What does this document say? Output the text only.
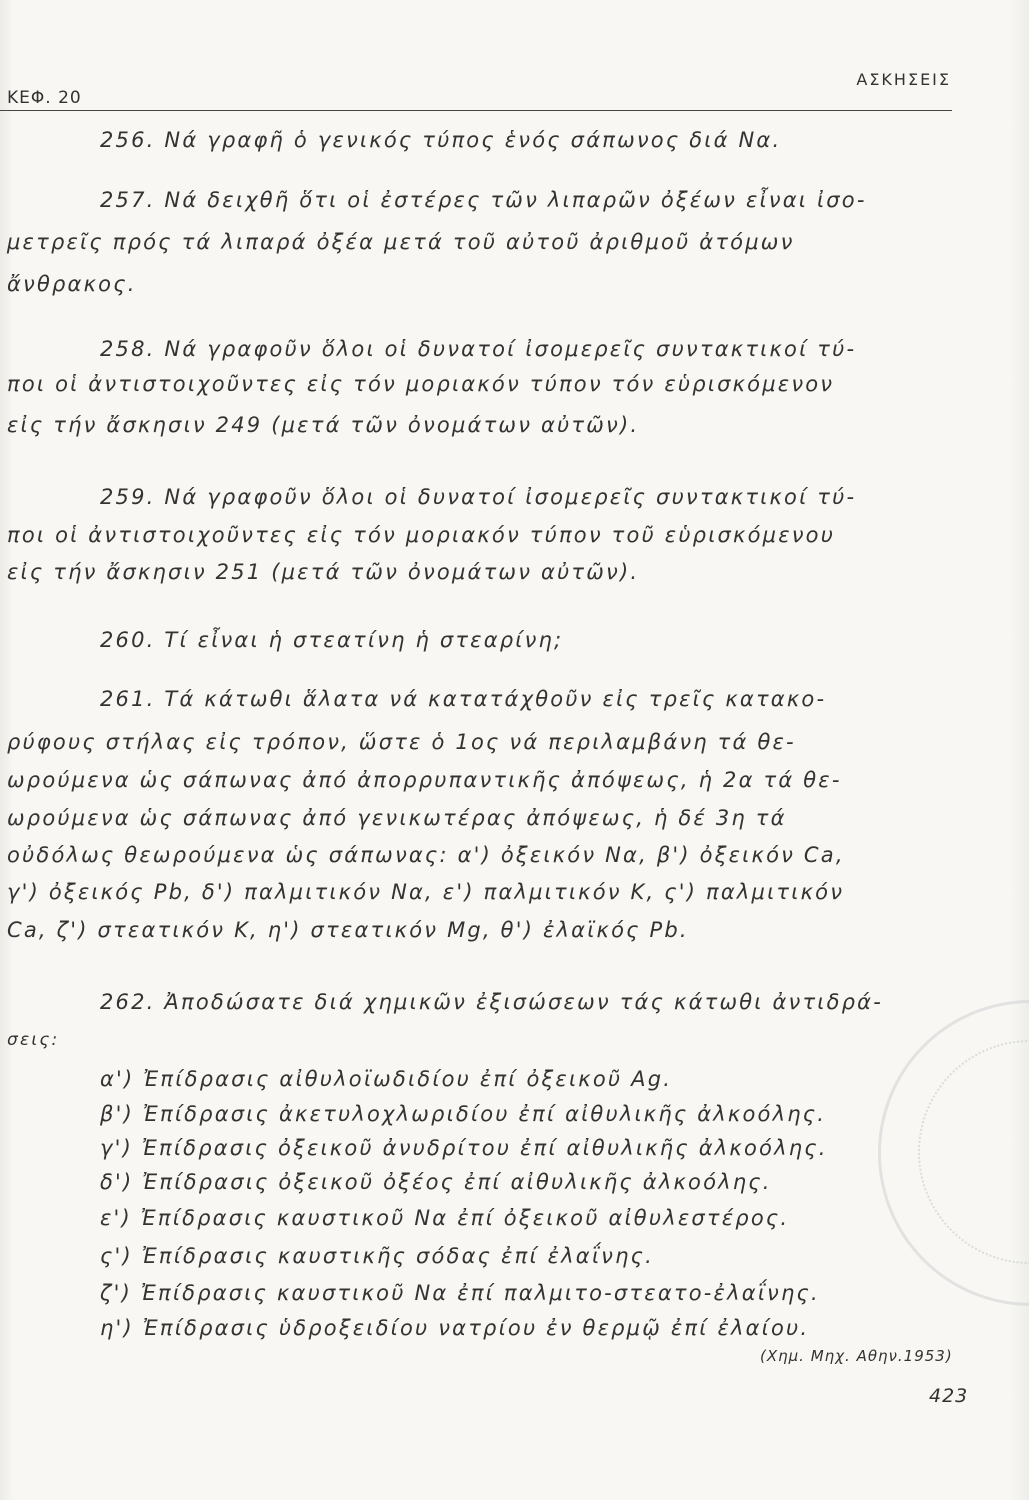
ΚΕΦ. 20
ΑΣΚΗΣΕΙΣ
256. Νά γραφῆ ὁ γενικός τύπος ἑνός σάπωνος διά Να.
257. Νά δειχθῆ ὅτι οἱ ἐστέρες τῶν λιπαρῶν ὀξέων εἶναι ἰσο-
μετρεῖς πρός τά λιπαρά ὀξέα μετά τοῦ αὐτοῦ ἀριθμοῦ ἀτόμων
ἄνθρακος.
258. Νά γραφοῦν ὅλοι οἱ δυνατοί ἰσομερεῖς συντακτικοί τύ-
ποι οἱ ἀντιστοιχοῦντες εἰς τόν μοριακόν τύπον τόν εὑρισκόμενον
εἰς τήν ἄσκησιν 249 (μετά τῶν ὀνομάτων αὐτῶν).
259. Νά γραφοῦν ὅλοι οἱ δυνατοί ἰσομερεῖς συντακτικοί τύ-
ποι οἱ ἀντιστοιχοῦντες εἰς τόν μοριακόν τύπον τοῦ εὑρισκόμενου
εἰς τήν ἄσκησιν 251 (μετά τῶν ὀνομάτων αὐτῶν).
260. Τί εἶναι ἡ στεατίνη ἡ στεαρίνη;
261. Τά κάτωθι ἅλατα νά κατατάχθοῦν εἰς τρεῖς κατακο-
ρύφους στήλας εἰς τρόπον, ὥστε ὁ 1ος νά περιλαμβάνη τά θε-
ωρούμενα ὡς σάπωνας ἀπό ἀπορρυπαντικῆς ἀπόψεως, ἡ 2α τά θε-
ωρούμενα ὡς σάπωνας ἀπό γενικωτέρας ἀπόψεως, ἡ δέ 3η τά
οὐδόλως θεωρούμενα ὡς σάπωνας: α') ὀξεικόν Να, β') ὀξεικόν Ca,
γ') ὀξεικός Pb, δ') παλμιτικόν Να, ε') παλμιτικόν Κ, ς') παλμιτικόν
Ca, ζ') στεατικόν Κ, η') στεατικόν Mg, θ') ἐλαϊκός Pb.
262. Ἀποδώσατε διά χημικῶν ἐξισώσεων τάς κάτωθι ἀντιδρά-
σεις:
α') Ἐπίδρασις αἰθυλοϊωδιδίου ἐπί ὀξεικοῦ Ag.
β') Ἐπίδρασις ἀκετυλοχλωριδίου ἐπί αἰθυλικῆς ἀλκοόλης.
γ') Ἐπίδρασις ὀξεικοῦ ἀνυδρίτου ἐπί αἰθυλικῆς ἀλκοόλης.
δ') Ἐπίδρασις ὀξεικοῦ ὀξέος ἐπί αἰθυλικῆς ἀλκοόλης.
ε') Ἐπίδρασις καυστικοῦ Να ἐπί ὀξεικοῦ αἰθυλεστέρος.
ς') Ἐπίδρασις καυστικῆς σόδας ἐπί ἐλαΐνης.
ζ') Ἐπίδρασις καυστικοῦ Να ἐπί παλμιτο-στεατο-ἐλαΐνης.
η') Ἐπίδρασις ὑδροξειδίου νατρίου ἐν θερμῷ ἐπί ἐλαίου.
(Χημ. Μηχ. Αθην.1953)
423
